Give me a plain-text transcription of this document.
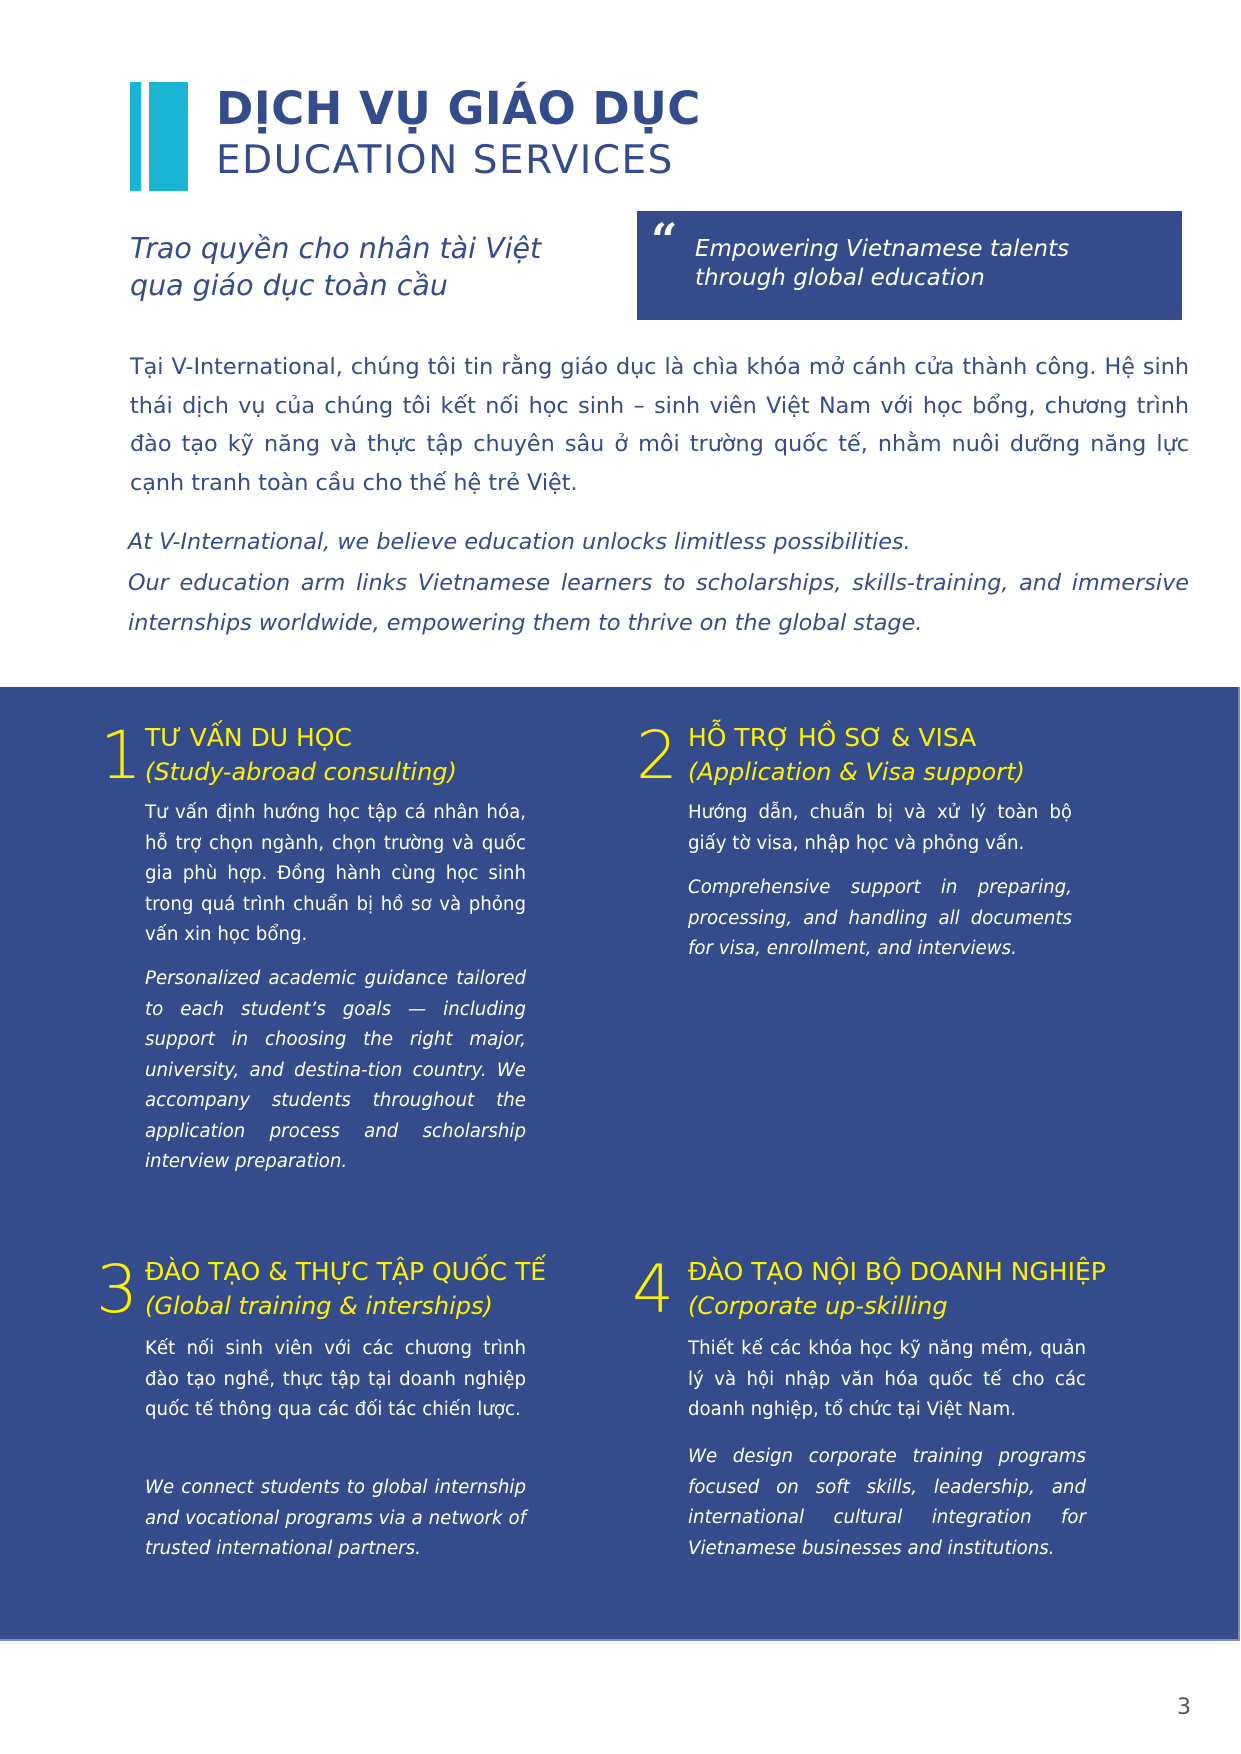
DỊCH VỤ GIÁO DỤC
EDUCATION SERVICES
Trao quyền cho nhân tài Việt
qua giáo dục toàn cầu
“ Empowering Vietnamese talents
through global education

Tại V-International, chúng tôi tin rằng giáo dục là chìa khóa mở cánh cửa thành công. Hệ sinh thái dịch vụ của chúng tôi kết nối học sinh – sinh viên Việt Nam với học bổng, chương trình đào tạo kỹ năng và thực tập chuyên sâu ở môi trường quốc tế, nhằm nuôi dưỡng năng lực cạnh tranh toàn cầu cho thế hệ trẻ Việt.

At V-International, we believe education unlocks limitless possibilities.
Our education arm links Vietnamese learners to scholarships, skills-training, and immersive internships worldwide, empowering them to thrive on the global stage.
1 TƯ VẤN DU HỌC
(Study-abroad consulting)

Tư vấn định hướng học tập cá nhân hóa, hỗ trợ chọn ngành, chọn trường và quốc gia phù hợp. Đồng hành cùng học sinh trong quá trình chuẩn bị hồ sơ và phỏng vấn xin học bổng.

Personalized academic guidance tailored to each student’s goals — including support in choosing the right major, university, and destina-tion country. We accompany students throughout the application process and scholarship interview preparation.

2 HỖ TRỢ HỒ SƠ & VISA
(Application & Visa support)

Hướng dẫn, chuẩn bị và xử lý toàn bộ giấy tờ visa, nhập học và phỏng vấn.

Comprehensive support in preparing, processing, and handling all documents for visa, enrollment, and interviews.

3 ĐÀO TẠO & THỰC TẬP QUỐC TẾ
(Global training & interships)

Kết nối sinh viên với các chương trình đào tạo nghề, thực tập tại doanh nghiệp quốc tế thông qua các đối tác chiến lược.

We connect students to global internship and vocational programs via a network of trusted international partners.

4 ĐÀO TẠO NỘI BỘ DOANH NGHIỆP
(Corporate up-skilling

Thiết kế các khóa học kỹ năng mềm, quản lý và hội nhập văn hóa quốc tế cho các doanh nghiệp, tổ chức tại Việt Nam.

We design corporate training programs focused on soft skills, leadership, and international cultural integration for Vietnamese businesses and institutions.

3
